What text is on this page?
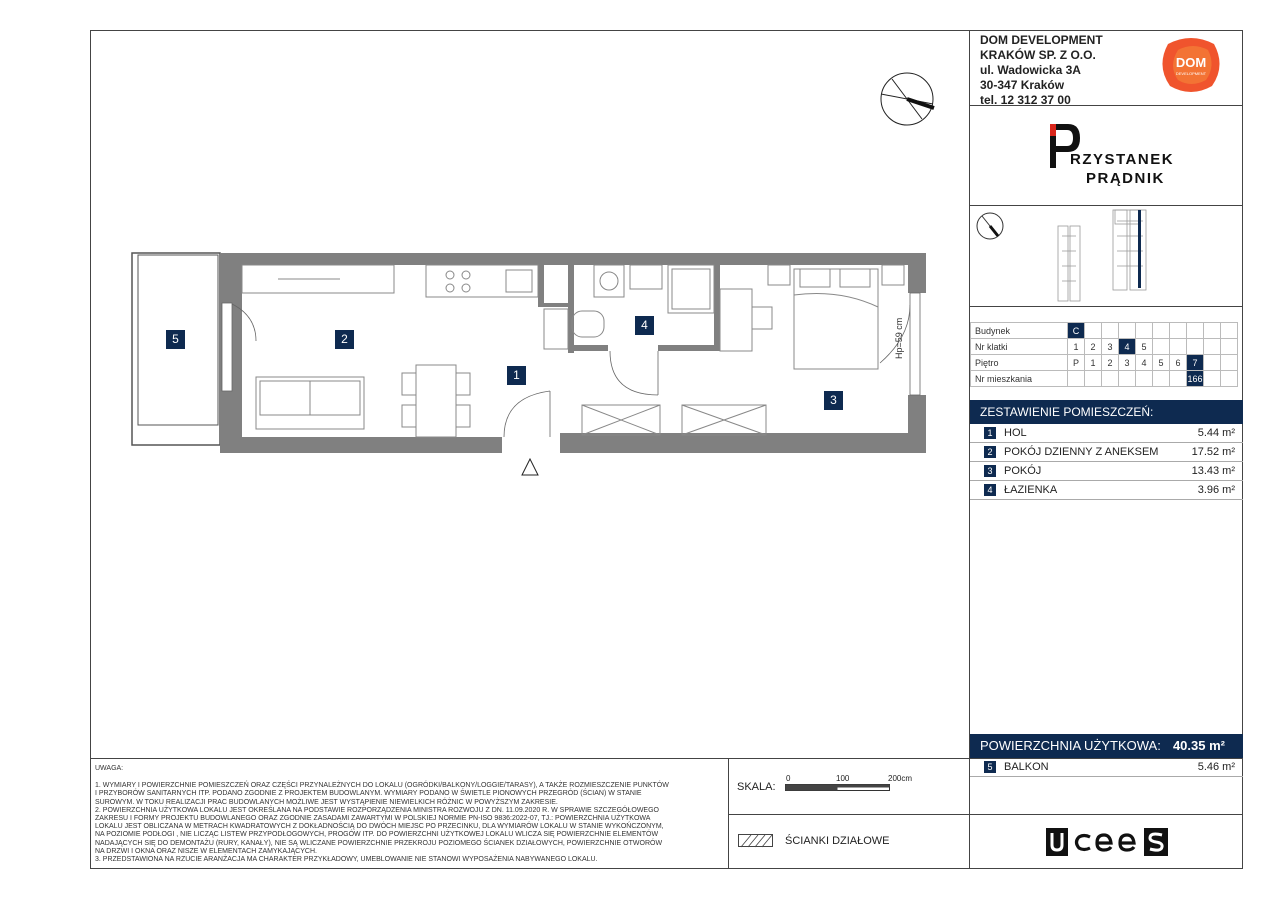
DOM DEVELOPMENT
KRAKÓW SP. Z O.O.
ul. Wadowicka 3A
30-347 Kraków
tel. 12 312 37 00
DOM
DEVELOPMENT
RZYSTANEK
PRĄDNIK
Budynek	C									
Nr klatki	1	2	3	4	5					
Piętro	P	1	2	3	4	5	6	7		
Nr mieszkania								166		
ZESTAWIENIE POMIESZCZEŃ:
1	HOL	5.44 m²
2	POKÓJ DZIENNY Z ANEKSEM	17.52 m²
3	POKÓJ	13.43 m²
4	ŁAZIENKA	3.96 m²
POWIERZCHNIA UŻYTKOWA: 40.35 m²
5	BALKON	5.46 m²
UWAGA:
1. WYMIARY I POWIERZCHNIE POMIESZCZEŃ ORAZ CZĘŚCI PRZYNALEŻNYCH DO LOKALU (OGRÓDKI/BALKONY/LOGGIE/TARASY), A TAKŻE ROZMIESZCZENIE PUNKTÓW
I PRZYBORÓW SANITARNYCH ITP. PODANO ZGODNIE Z PROJEKTEM BUDOWLANYM. WYMIARY PODANO W ŚWIETLE PIONOWYCH PRZEGRÓD (ŚCIAN) W STANIE
SUROWYM. W TOKU REALIZACJI PRAC BUDOWLANYCH MOŻLIWE JEST WYSTĄPIENIE NIEWIELKICH RÓŻNIC W POWYŻSZYM ZAKRESIE.
2. POWIERZCHNIA UŻYTKOWA LOKALU JEST OKREŚLANA NA PODSTAWIE ROZPORZĄDZENIA MINISTRA ROZWOJU Z DN. 11.09.2020 R. W SPRAWIE SZCZEGÓŁOWEGO
ZAKRESU I FORMY PROJEKTU BUDOWLANEGO ORAZ ZGODNIE ZASADAMI ZAWARTYMI W POLSKIEJ NORMIE PN-ISO 9836:2022-07, TJ.: POWIERZCHNIA UŻYTKOWA
LOKALU JEST OBLICZANA W METRACH KWADRATOWYCH Z DOKŁADNOŚCIĄ DO DWÓCH MIEJSC PO PRZECINKU, DLA WYMIARÓW LOKALU W STANIE WYKOŃCZONYM,
NA POZIOMIE PODŁOGI , NIE LICZĄC LISTEW PRZYPODŁOGOWYCH, PROGÓW ITP. DO POWIERZCHNI UŻYTKOWEJ LOKALU WLICZA SIĘ POWIERZCHNIE ELEMENTÓW
NADAJĄCYCH SIĘ DO DEMONTAŻU (RURY, KANAŁY), NIE SĄ WLICZANE POWIERZCHNIE PRZEKROJU POZIOMEGO ŚCIANEK DZIAŁOWYCH, POWIERZCHNIE OTWORÓW
NA DRZWI I OKNA ORAZ NISZE W ELEMENTACH ZAMYKAJĄCYCH.
3. PRZEDSTAWIONA NA RZUCIE ARANŻACJA MA CHARAKTER PRZYKŁADOWY, UMEBLOWANIE NIE STANOWI WYPOSAŻENIA NABYWANEGO LOKALU.
SKALA:
0	100	200cm
ŚCIANKI DZIAŁOWE
Hp=59 cm
1
2
3
4
5
